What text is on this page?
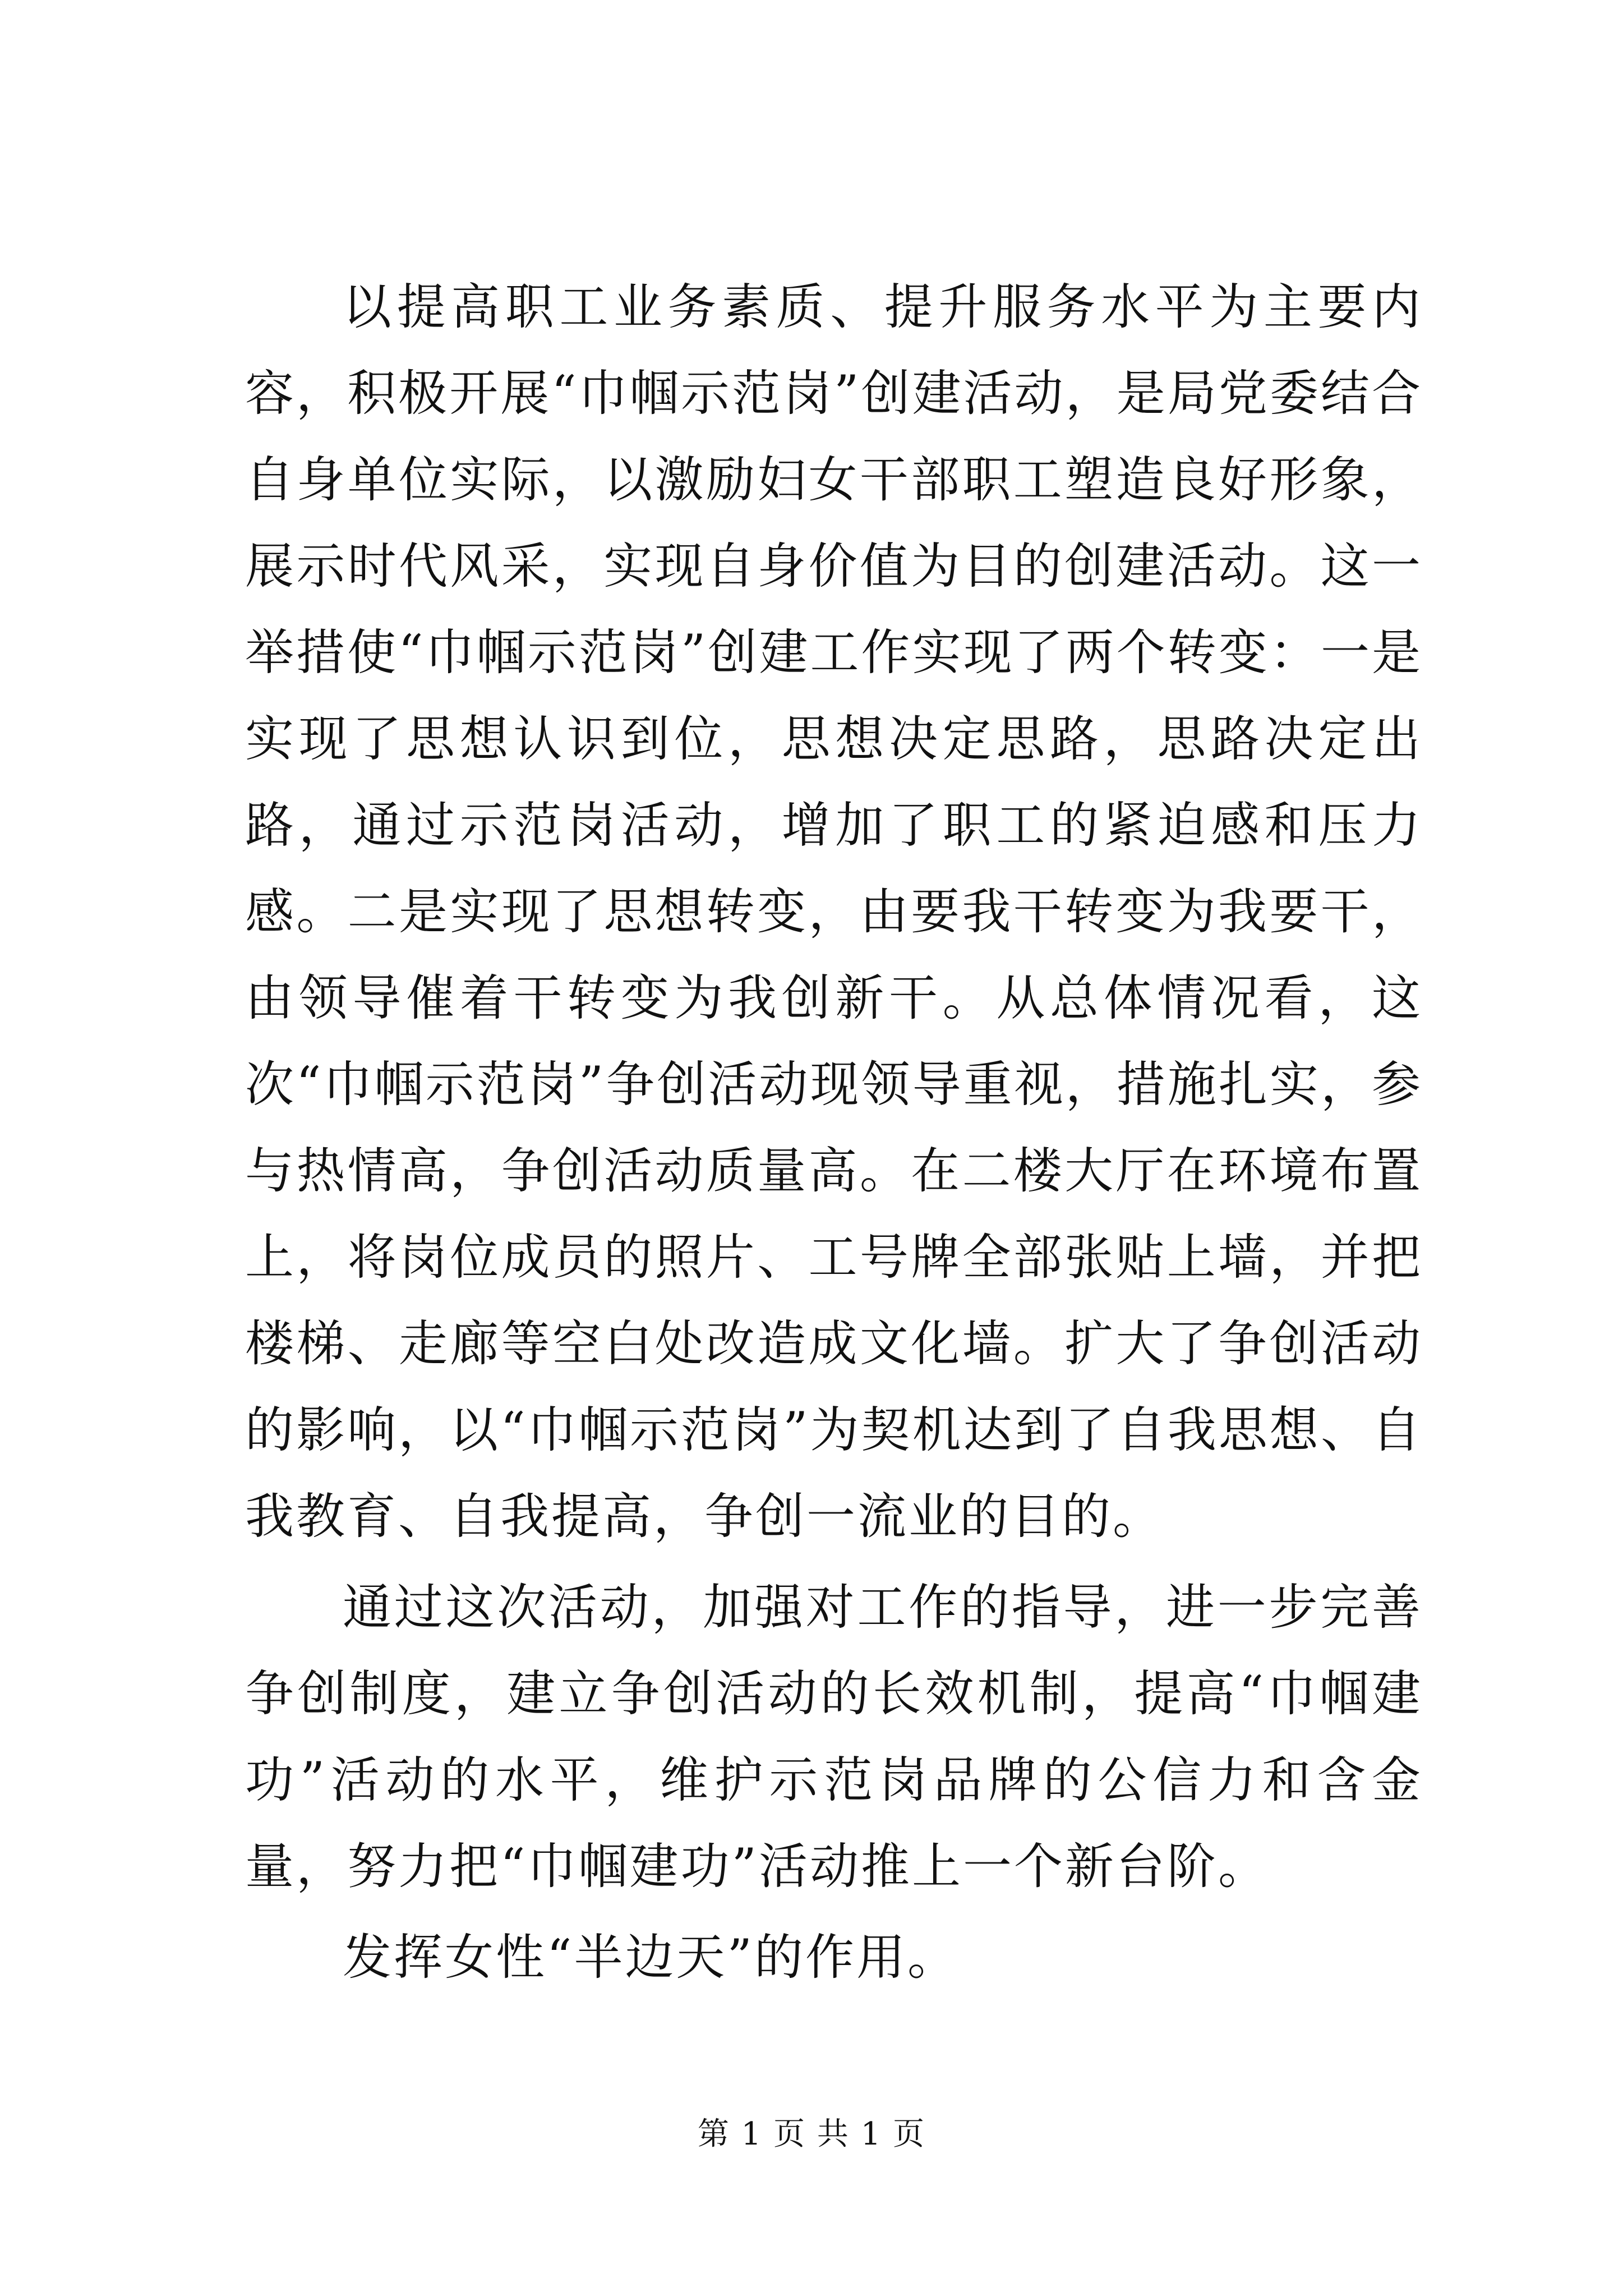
以提高职工业务素质、提升服务水平为主要内容，积极开展“巾帼示范岗”创建活动，是局党委结合自身单位实际，以激励妇女干部职工塑造良好形象，展示时代风采，实现自身价值为目的创建活动。这一举措使“巾帼示范岗”创建工作实现了两个转变：一是实现了思想认识到位，思想决定思路，思路决定出路，通过示范岗活动，增加了职工的紧迫感和压力感。二是实现了思想转变，由要我干转变为我要干，由领导催着干转变为我创新干。从总体情况看，这次“巾帼示范岗”争创活动现领导重视，措施扎实，参与热情高，争创活动质量高。在二楼大厅在环境布置上，将岗位成员的照片、工号牌全部张贴上墙，并把楼梯、走廊等空白处改造成文化墙。扩大了争创活动的影响，以“巾帼示范岗”为契机达到了自我思想、自我教育、自我提高，争创一流业的目的。

通过这次活动，加强对工作的指导，进一步完善争创制度，建立争创活动的长效机制，提高“巾帼建功”活动的水平，维护示范岗品牌的公信力和含金量，努力把“巾帼建功”活动推上一个新台阶。

发挥女性“半边天”的作用。

第 1 页 共 1 页
